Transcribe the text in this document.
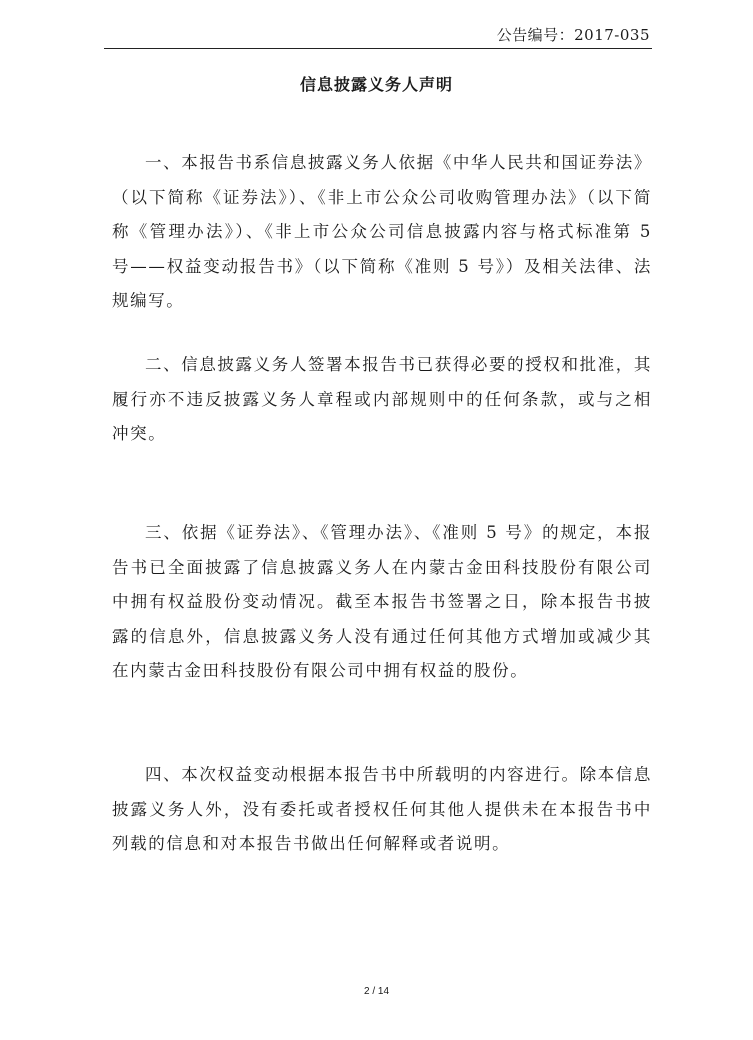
公告编号：2017-035
信息披露义务人声明

一、本报告书系信息披露义务人依据《中华人民共和国证券法》（以下简称《证券法》）、《非上市公众公司收购管理办法》（以下简称《管理办法》）、《非上市公众公司信息披露内容与格式标准第 5 号——权益变动报告书》（以下简称《准则 5 号》）及相关法律、法规编写。

二、信息披露义务人签署本报告书已获得必要的授权和批准，其履行亦不违反披露义务人章程或内部规则中的任何条款，或与之相冲突。

三、依据《证券法》、《管理办法》、《准则 5 号》的规定，本报告书已全面披露了信息披露义务人在内蒙古金田科技股份有限公司中拥有权益股份变动情况。截至本报告书签署之日，除本报告书披露的信息外，信息披露义务人没有通过任何其他方式增加或减少其在内蒙古金田科技股份有限公司中拥有权益的股份。

四、本次权益变动根据本报告书中所载明的内容进行。除本信息披露义务人外，没有委托或者授权任何其他人提供未在本报告书中列载的信息和对本报告书做出任何解释或者说明。

2 / 14
